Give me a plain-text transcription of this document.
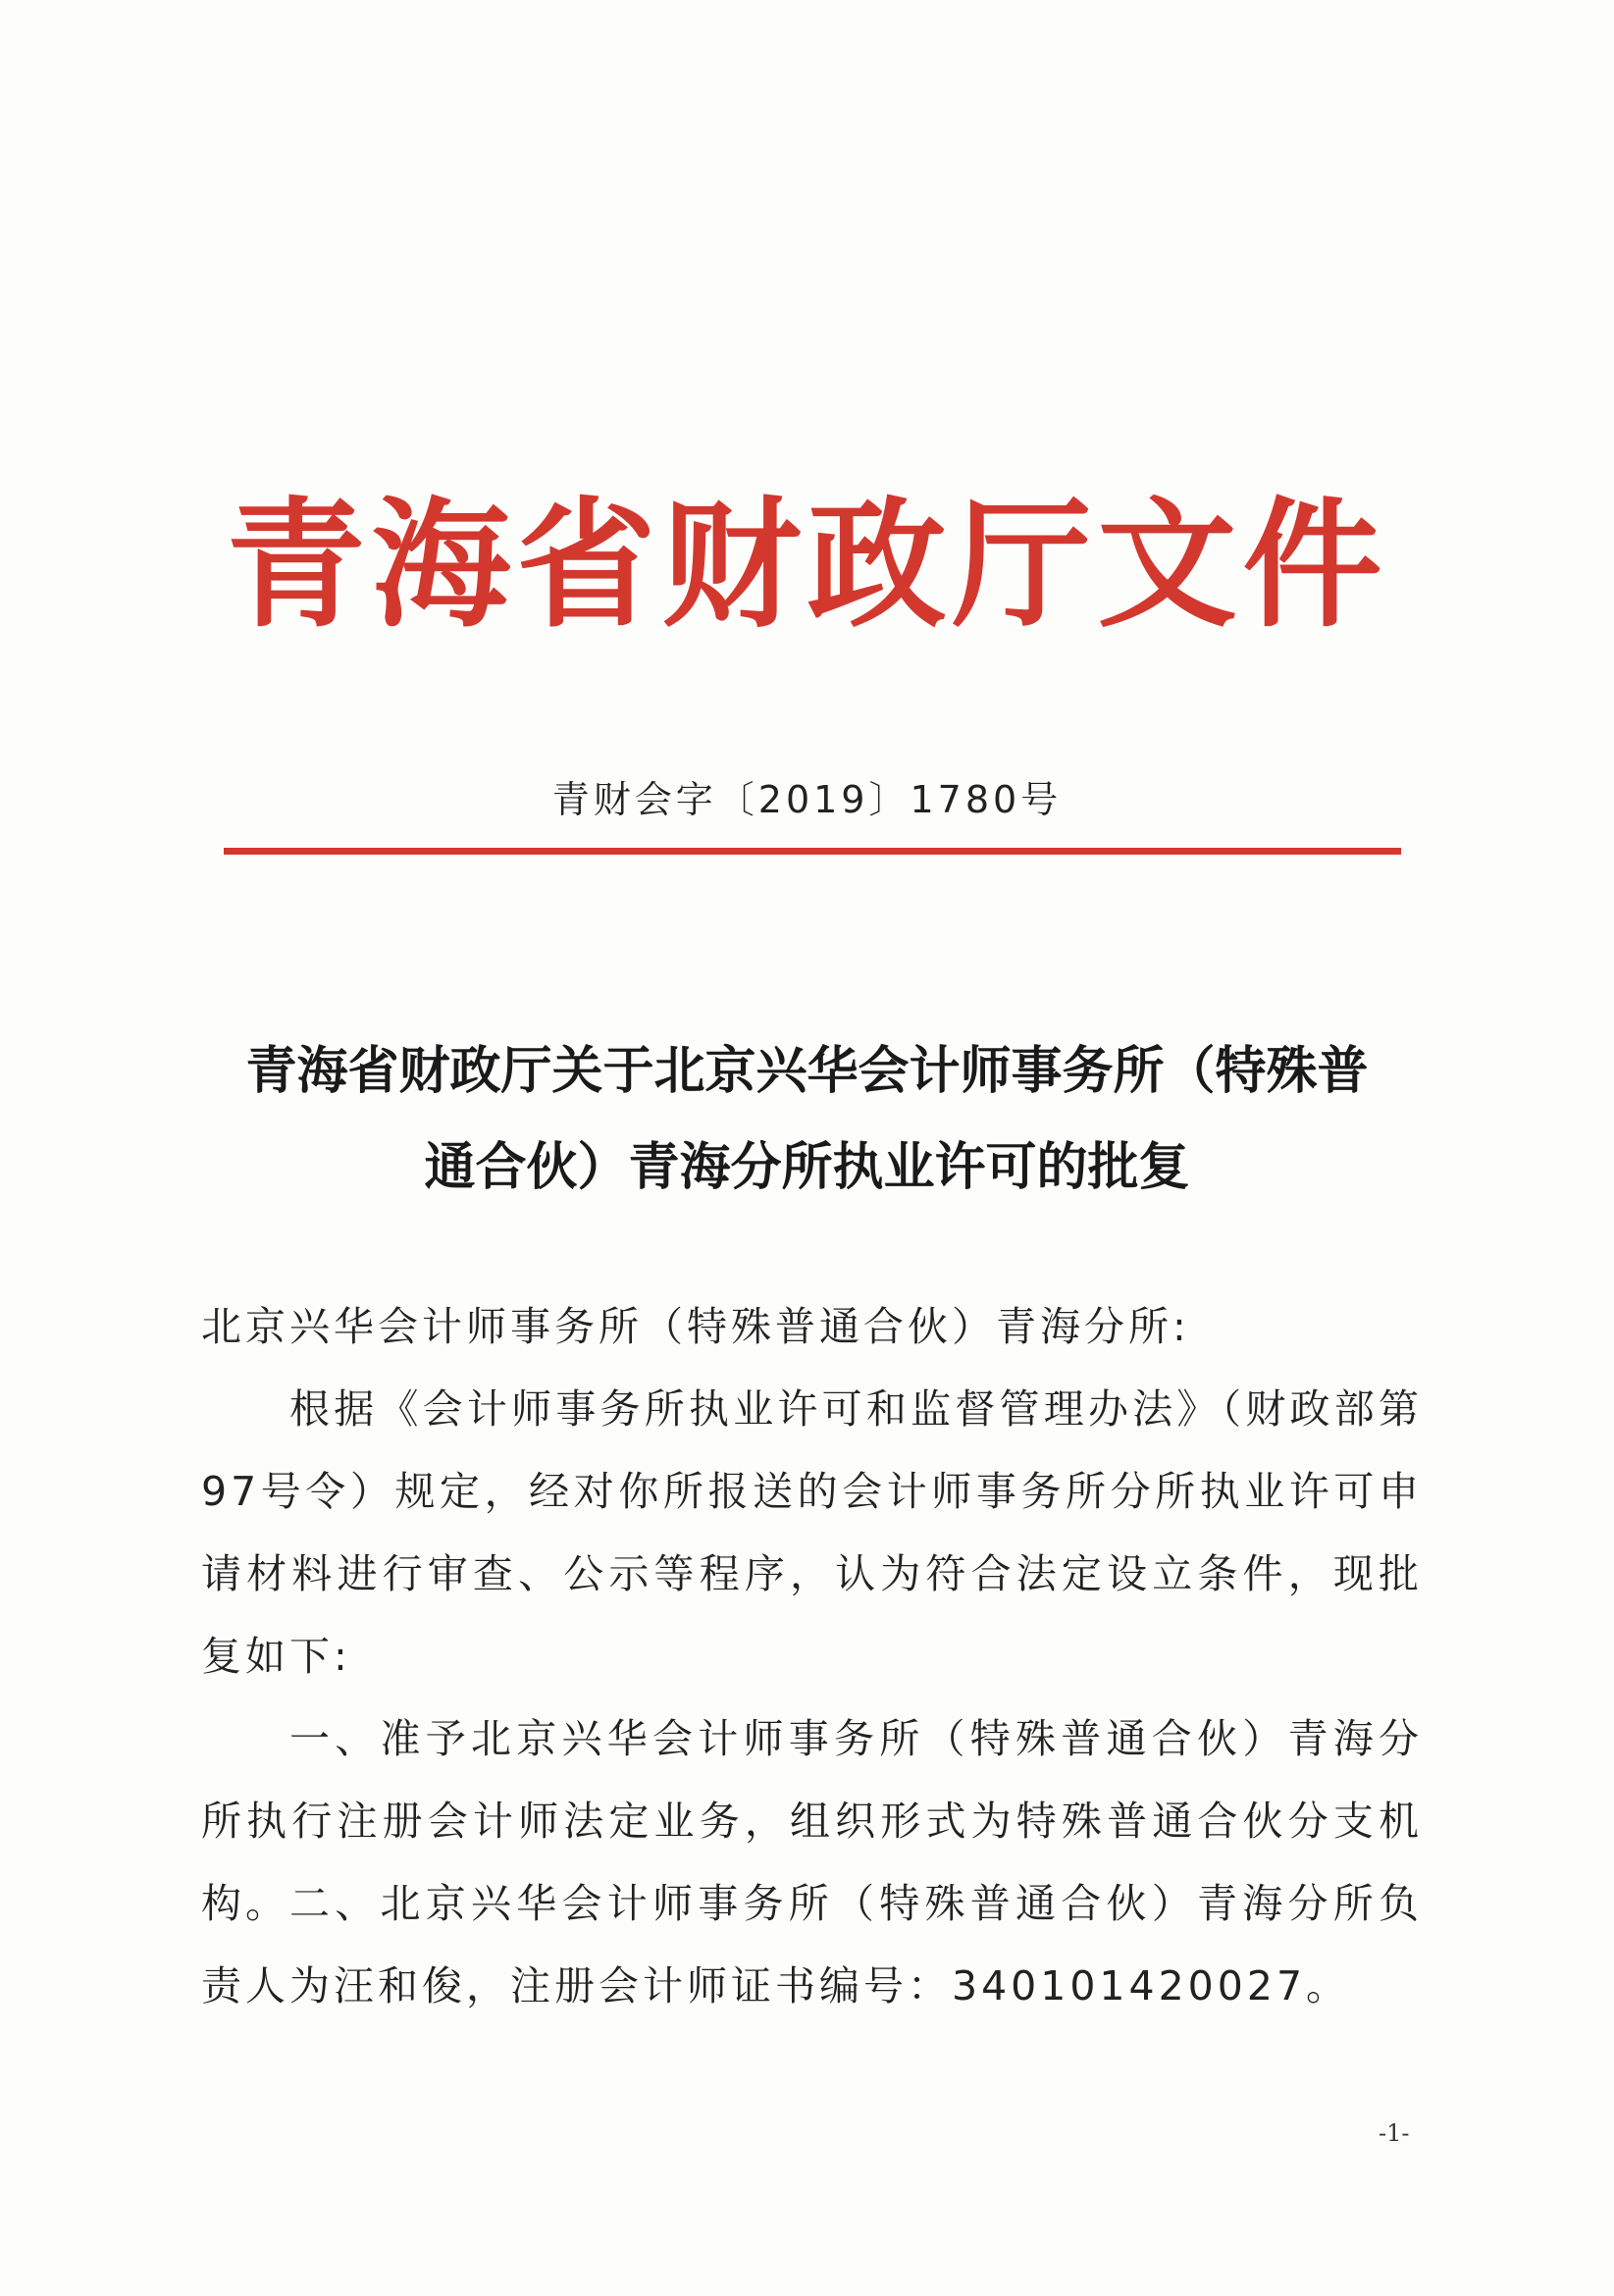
青海省财政厅文件
青财会字〔2019〕1780号
青海省财政厅关于北京兴华会计师事务所（特殊普通合伙）青海分所执业许可的批复
北京兴华会计师事务所（特殊普通合伙）青海分所:
根据《会计师事务所执业许可和监督管理办法》（财政部第97号令）规定，经对你所报送的会计师事务所分所执业许可申请材料进行审查、公示等程序，认为符合法定设立条件，现批复如下:
一、准予北京兴华会计师事务所（特殊普通合伙）青海分所执行注册会计师法定业务，组织形式为特殊普通合伙分支机构。 二、北京兴华会计师事务所（特殊普通合伙）青海分所负责人为汪和俊，注册会计师证书编号：340101420027。
-1-
